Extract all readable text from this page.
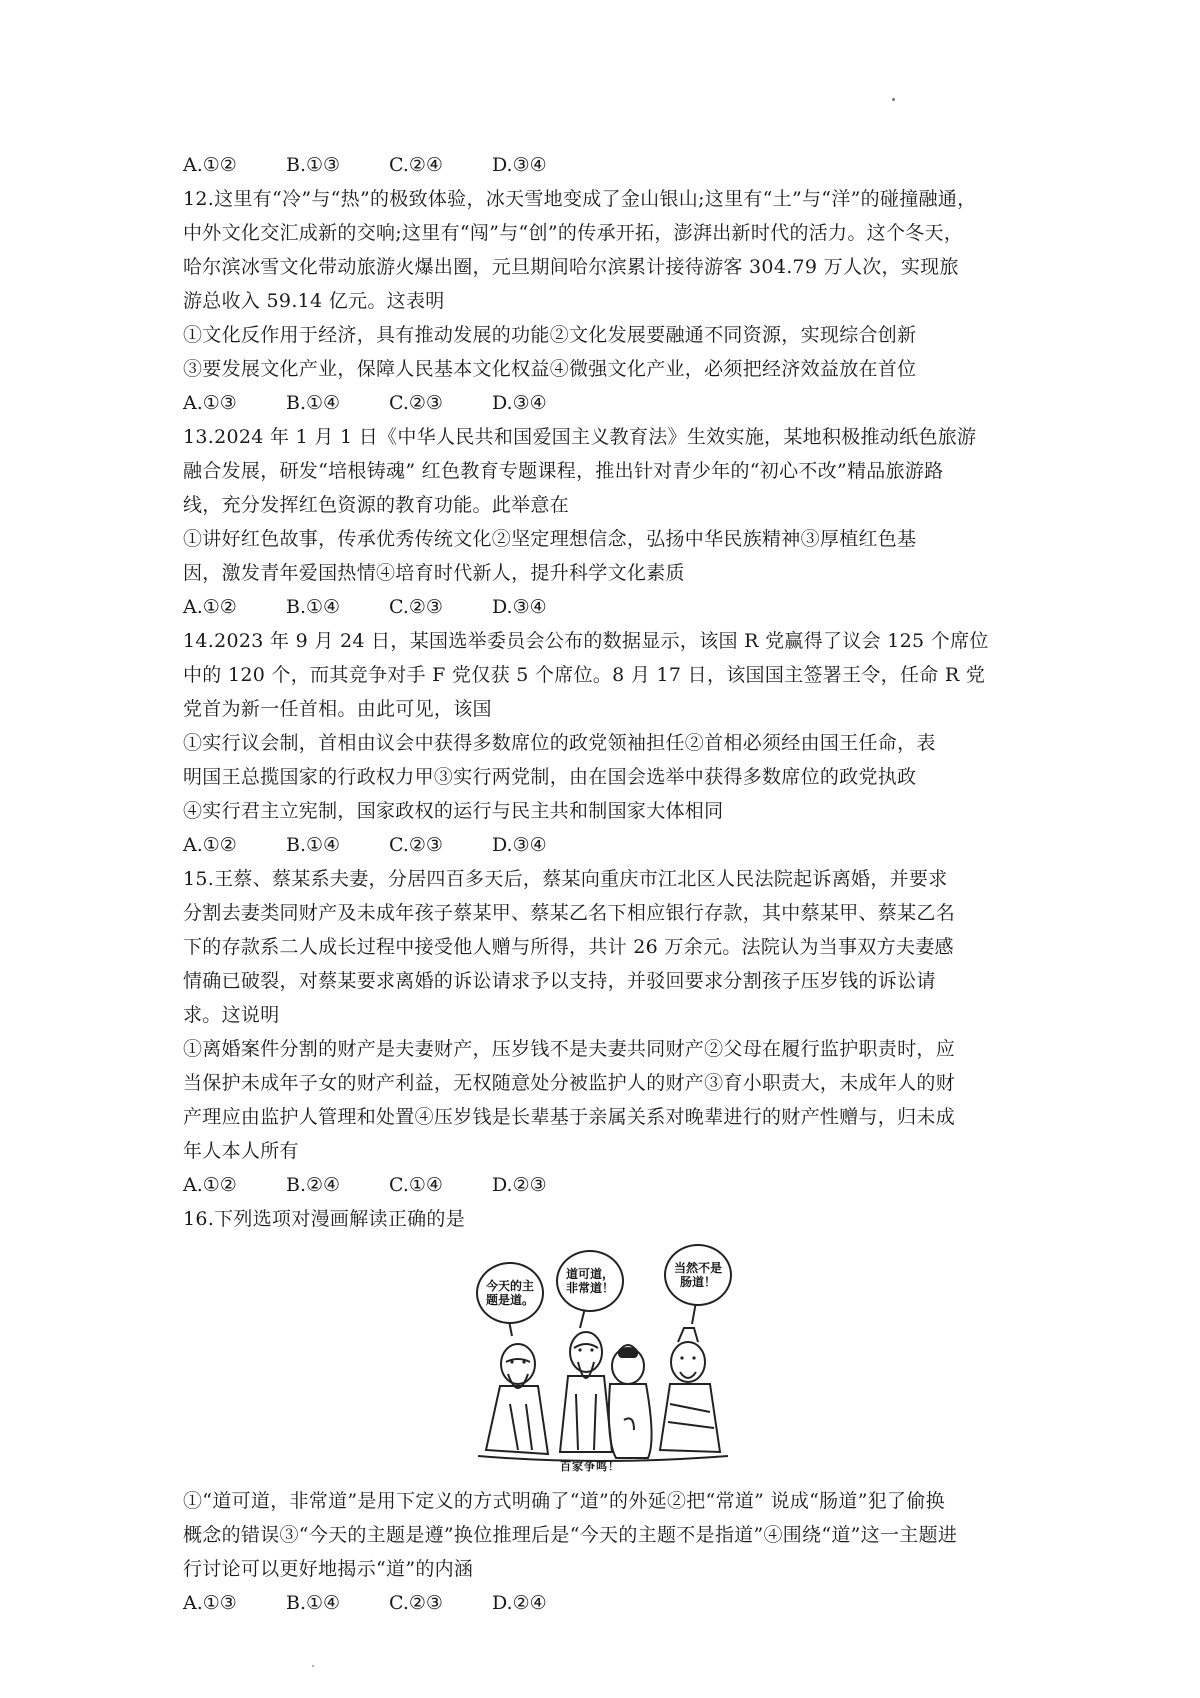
A.①②	B.①③	C.②④	D.③④
12.这里有“冷”与“热”的极致体验，冰天雪地变成了金山银山;这里有“土”与“洋”的碰撞融通，
中外文化交汇成新的交响;这里有“闯”与“创”的传承开拓，澎湃出新时代的活力。这个冬天，
哈尔滨冰雪文化带动旅游火爆出圈，元旦期间哈尔滨累计接待游客 304.79 万人次，实现旅
游总收入 59.14 亿元。这表明
①文化反作用于经济，具有推动发展的功能②文化发展要融通不同资源，实现综合创新
③要发展文化产业，保障人民基本文化权益④微强文化产业，必须把经济效益放在首位
A.①③	B.①④	C.②③	D.③④
13.2024 年 1 月 1 日《中华人民共和国爱国主义教育法》生效实施，某地积极推动纸色旅游
融合发展，研发“培根铸魂” 红色教育专题课程，推出针对青少年的“初心不改”精品旅游路
线，充分发挥红色资源的教育功能。此举意在
①讲好红色故事，传承优秀传统文化②坚定理想信念，弘扬中华民族精神③厚植红色基
因，激发青年爱国热情④培育时代新人，提升科学文化素质
A.①②	B.①④	C.②③	D.③④
14.2023 年 9 月 24 日，某国选举委员会公布的数据显示，该国 R 党赢得了议会 125 个席位
中的 120 个，而其竞争对手 F 党仅获 5 个席位。8 月 17 日，该国国主签署王令，任命 R 党
党首为新一任首相。由此可见，该国
①实行议会制，首相由议会中获得多数席位的政党领袖担任②首相必须经由国王任命，表
明国王总揽国家的行政权力甲③实行两党制，由在国会选举中获得多数席位的政党执政
④实行君主立宪制，国家政权的运行与民主共和制国家大体相同
A.①②	B.①④	C.②③	D.③④
15.王蔡、蔡某系夫妻，分居四百多天后，蔡某向重庆市江北区人民法院起诉离婚，并要求
分割去妻类同财产及未成年孩子蔡某甲、蔡某乙名下相应银行存款，其中蔡某甲、蔡某乙名
下的存款系二人成长过程中接受他人赠与所得，共计 26 万余元。法院认为当事双方夫妻感
情确已破裂，对蔡某要求离婚的诉讼请求予以支持，并驳回要求分割孩子压岁钱的诉讼请
求。这说明
①离婚案件分割的财产是夫妻财产，压岁钱不是夫妻共同财产②父母在履行监护职责时，应
当保护未成年子女的财产利益，无权随意处分被监护人的财产③育小职责大，未成年人的财
产理应由监护人管理和处置④压岁钱是长辈基于亲属关系对晚辈进行的财产性赠与，归未成
年人本人所有
A.①②	B.②④	C.①④	D.②③
16.下列选项对漫画解读正确的是
今天的主题是道。
道可道，非常道！
当然不是肠道！
百家争鸣！
①“道可道，非常道”是用下定义的方式明确了“道”的外延②把“常道” 说成“肠道”犯了偷换
概念的错误③“今天的主题是遵”换位推理后是“今天的主题不是指道”④围绕“道”这一主题进
行讨论可以更好地揭示“道”的内涵
A.①③	B.①④	C.②③	D.②④
